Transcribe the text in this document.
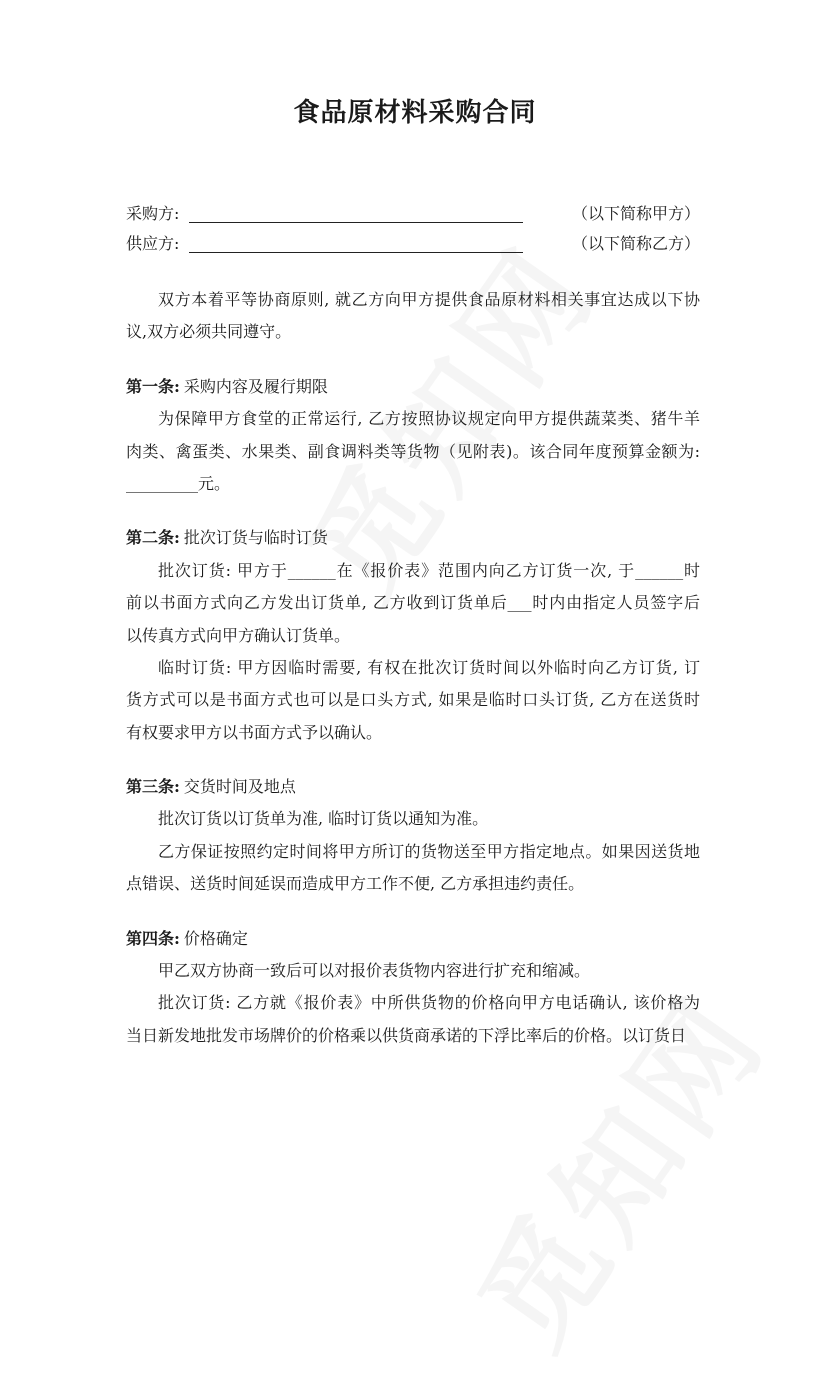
食品原材料采购合同
采购方:	（以下简称甲方）
供应方:	（以下简称乙方）
双方本着平等协商原则, 就乙方向甲方提供食品原材料相关事宜达成以下协
议,双方必须共同遵守。
第一条: 采购内容及履行期限
为保障甲方食堂的正常运行, 乙方按照协议规定向甲方提供蔬菜类、猪牛羊
肉类、禽蛋类、水果类、副食调料类等货物（见附表)。该合同年度预算金额为:
_________元。
第二条: 批次订货与临时订货
批次订货: 甲方于______在《报价表》范围内向乙方订货一次, 于______时
前以书面方式向乙方发出订货单, 乙方收到订货单后___时内由指定人员签字后
以传真方式向甲方确认订货单。
临时订货: 甲方因临时需要, 有权在批次订货时间以外临时向乙方订货, 订
货方式可以是书面方式也可以是口头方式, 如果是临时口头订货, 乙方在送货时
有权要求甲方以书面方式予以确认。
第三条: 交货时间及地点
批次订货以订货单为准, 临时订货以通知为准。
乙方保证按照约定时间将甲方所订的货物送至甲方指定地点。如果因送货地
点错误、送货时间延误而造成甲方工作不便, 乙方承担违约责任。
第四条: 价格确定
甲乙双方协商一致后可以对报价表货物内容进行扩充和缩减。
批次订货: 乙方就《报价表》中所供货物的价格向甲方电话确认, 该价格为
当日新发地批发市场牌价的价格乘以供货商承诺的下浮比率后的价格。以订货日
